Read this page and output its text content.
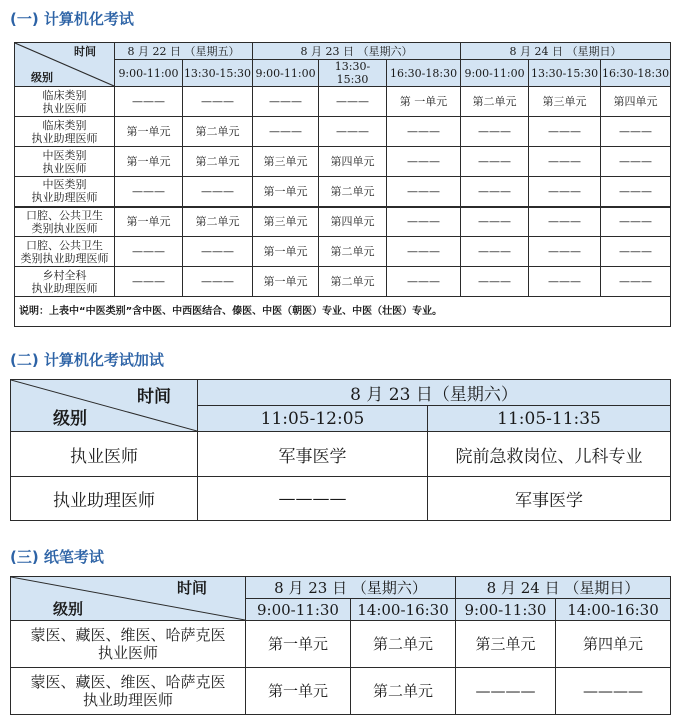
(一) 计算机化考试
时间
级别	8 月 22 日 （星期五）		8 月 23 日 （星期六）			8 月 24 日 （星期日）		
	9:00-11:00	13:30-15:30	9:00-11:00	13:30-15:30	16:30-18:30	9:00-11:00	13:30-15:30	16:30-18:30

临床类别
执业医师	———	———	———	———	第 一单元	第二单元	第三单元	第四单元

临床类别
执业助理医师	第一单元	第二单元	———	———	———	———	———	———

中医类别
执业医师	第一单元	第二单元	第三单元	第四单元	———	———	———	———

中医类别
执业助理医师	———	———	第一单元	第二单元	———	———	———	———

口腔、公共卫生
类别执业医师	第一单元	第二单元	第三单元	第四单元	———	———	———	———

口腔、公共卫生
类别执业助理医师	———	———	第一单元	第二单元	———	———	———	———

乡村全科
执业助理医师	———	———	第一单元	第二单元	———	———	———	———
说明：上表中“中医类别”含中医、中西医结合、傣医、中医（朝医）专业、中医（壮医）专业。								
(二) 计算机化考试加试
时间
级别	8 月 23 日（星期六）	
	11:05-12:05	11:05-11:35
执业医师	军事医学	院前急救岗位、儿科专业
执业助理医师	————	军事医学
(三) 纸笔考试
时间
级别	8 月 23 日 （星期六）		8 月 24 日 （星期日）	
	9:00-11:30	14:00-16:30	9:00-11:30	14:00-16:30

蒙医、藏医、维医、哈萨克医
执业医师	第一单元	第二单元	第三单元	第四单元

蒙医、藏医、维医、哈萨克医
执业助理医师	第一单元	第二单元	————	————
